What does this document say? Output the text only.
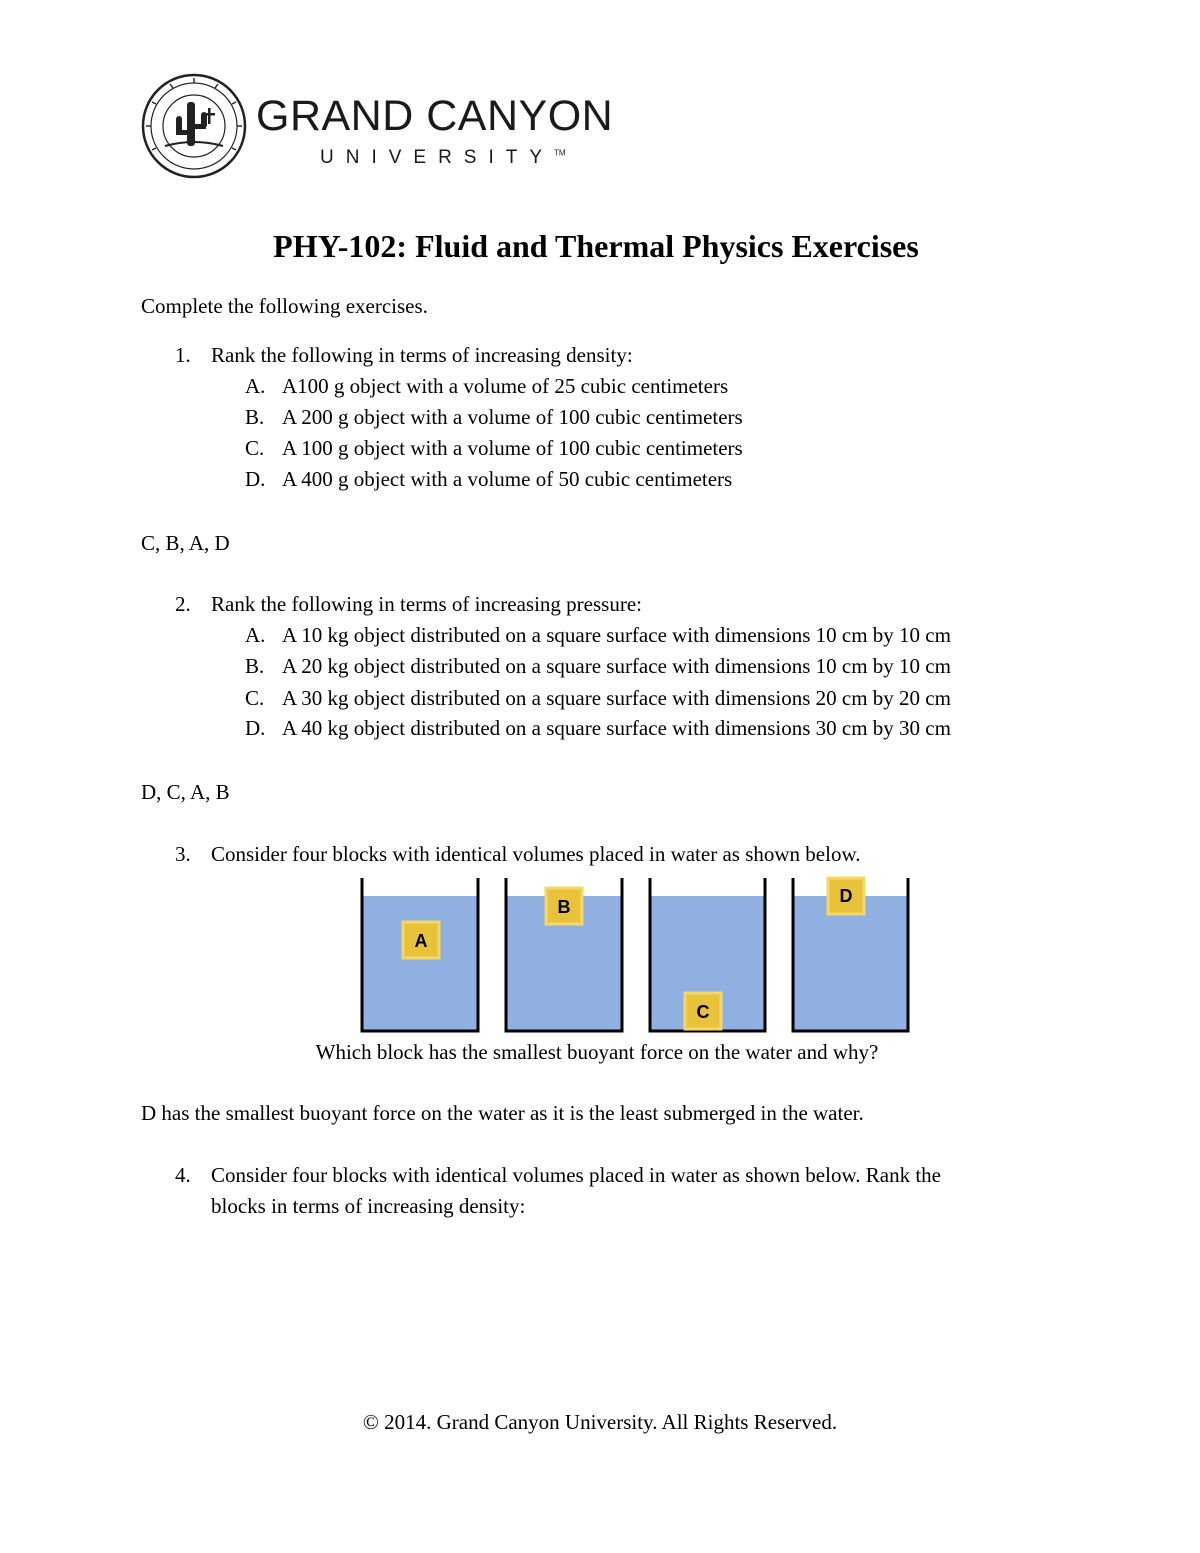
GRAND CANYON
UNIVERSITY™
PHY-102: Fluid and Thermal Physics Exercises
Complete the following exercises.
1. Rank the following in terms of increasing density:
A. A100 g object with a volume of 25 cubic centimeters
B. A 200 g object with a volume of 100 cubic centimeters
C. A 100 g object with a volume of 100 cubic centimeters
D. A 400 g object with a volume of 50 cubic centimeters
C, B, A, D
2. Rank the following in terms of increasing pressure:
A. A 10 kg object distributed on a square surface with dimensions 10 cm by 10 cm
B. A 20 kg object distributed on a square surface with dimensions 10 cm by 10 cm
C. A 30 kg object distributed on a square surface with dimensions 20 cm by 20 cm
D. A 40 kg object distributed on a square surface with dimensions 30 cm by 30 cm
D, C, A, B
3. Consider four blocks with identical volumes placed in water as shown below.
A
B
C
D
Which block has the smallest buoyant force on the water and why?
D has the smallest buoyant force on the water as it is the least submerged in the water.
4. Consider four blocks with identical volumes placed in water as shown below. Rank the
blocks in terms of increasing density:
© 2014. Grand Canyon University. All Rights Reserved.
